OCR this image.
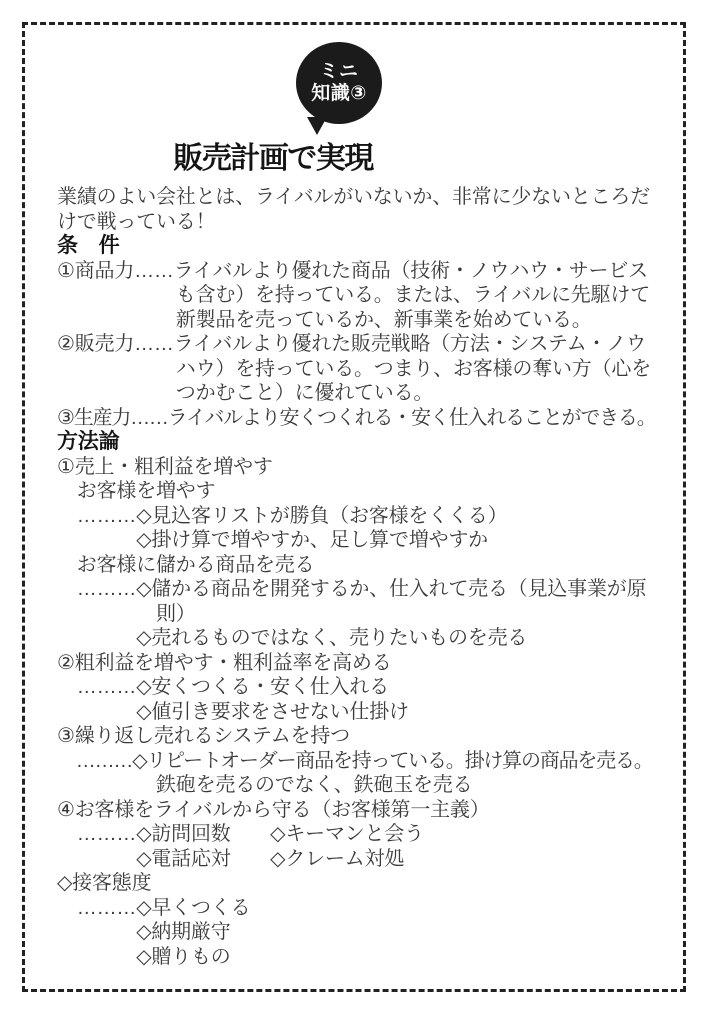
ミニ
知識③
販売計画で実現
業績のよい会社とは、ライバルがいないか、非常に少ないところだ
けで戦っている！
条　件
①商品力……ライバルより優れた商品（技術・ノウハウ・サービス
　　　　　　も含む）を持っている。または、ライバルに先駆けて
　　　　　　新製品を売っているか、新事業を始めている。
②販売力……ライバルより優れた販売戦略（方法・システム・ノウ
　　　　　　ハウ）を持っている。つまり、お客様の奪い方（心を
　　　　　　つかむこと）に優れている。
③生産力……ライバルより安くつくれる・安く仕入れることができる。
方法論
①売上・粗利益を増やす
　お客様を増やす
　………◇見込客リストが勝負（お客様をくくる）
　　　　◇掛け算で増やすか、足し算で増やすか
　お客様に儲かる商品を売る
　………◇儲かる商品を開発するか、仕入れて売る（見込事業が原
　　　　　則）
　　　　◇売れるものではなく、売りたいものを売る
②粗利益を増やす・粗利益率を高める
　………◇安くつくる・安く仕入れる
　　　　◇値引き要求をさせない仕掛け
③繰り返し売れるシステムを持つ
　………◇リピートオーダー商品を持っている。掛け算の商品を売る。
　　　　　鉄砲を売るのでなく、鉄砲玉を売る
④お客様をライバルから守る（お客様第一主義）
　………◇訪問回数　　◇キーマンと会う
　　　　◇電話応対　　◇クレーム対処
◇接客態度
　………◇早くつくる
　　　　◇納期厳守
　　　　◇贈りもの
